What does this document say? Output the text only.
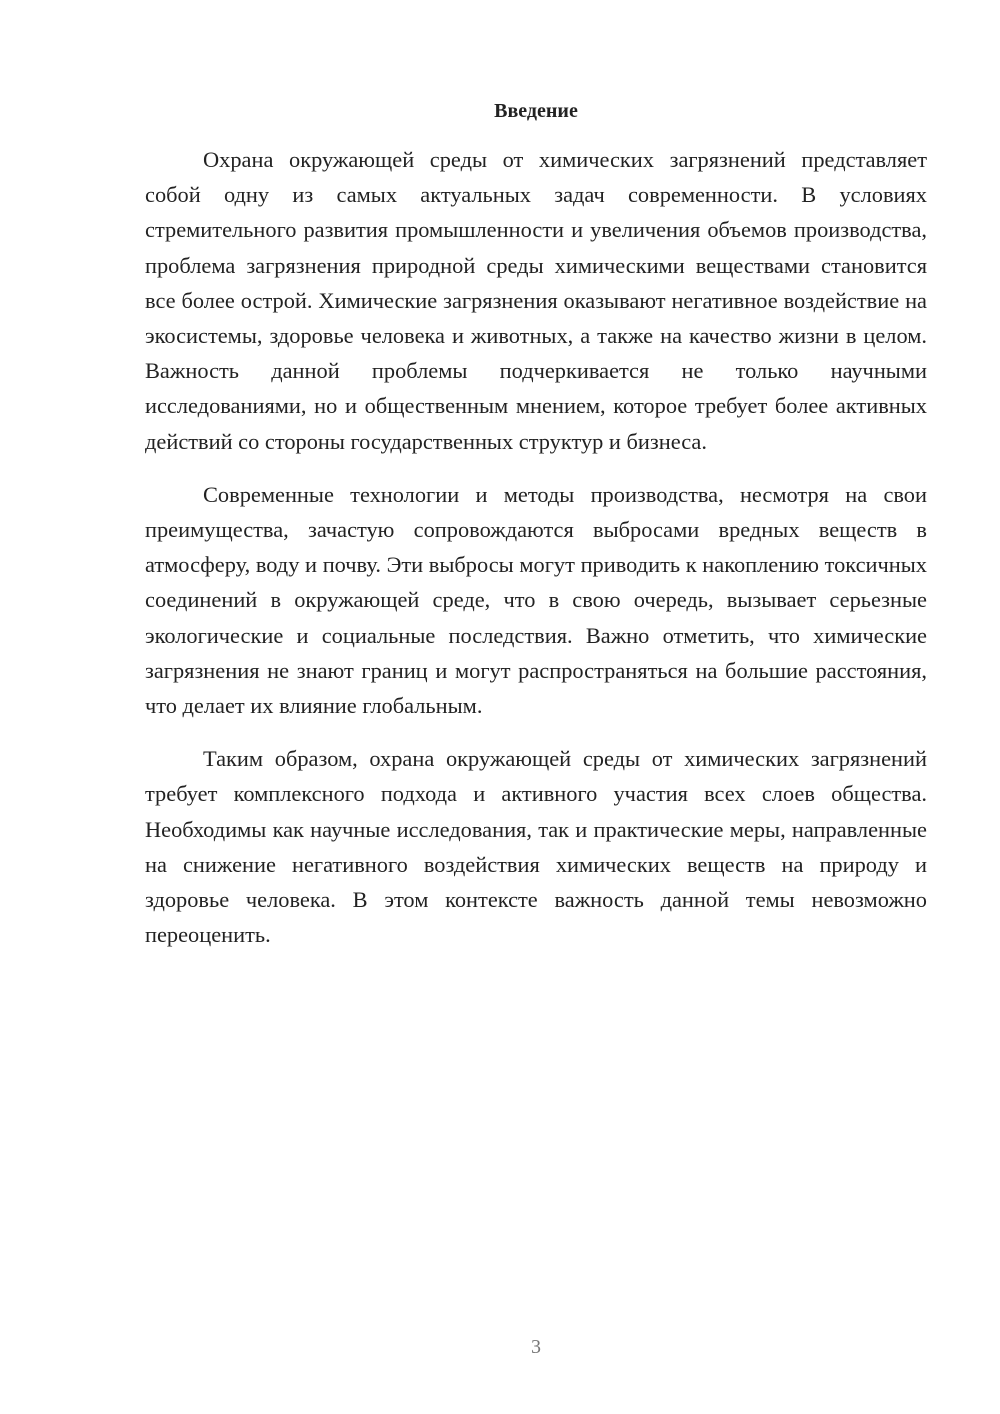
Введение

Охрана окружающей среды от химических загрязнений представляет собой одну из самых актуальных задач современности. В условиях стремительного развития промышленности и увеличения объемов производства, проблема загрязнения природной среды химическими веществами становится все более острой. Химические загрязнения оказывают негативное воздействие на экосистемы, здоровье человека и животных, а также на качество жизни в целом. Важность данной проблемы подчеркивается не только научными исследованиями, но и общественным мнением, которое требует более активных действий со стороны государственных структур и бизнеса.

Современные технологии и методы производства, несмотря на свои преимущества, зачастую сопровождаются выбросами вредных веществ в атмосферу, воду и почву. Эти выбросы могут приводить к накоплению токсичных соединений в окружающей среде, что в свою очередь, вызывает серьезные экологические и социальные последствия. Важно отметить, что химические загрязнения не знают границ и могут распространяться на большие расстояния, что делает их влияние глобальным.

Таким образом, охрана окружающей среды от химических загрязнений требует комплексного подхода и активного участия всех слоев общества. Необходимы как научные исследования, так и практические меры, направленные на снижение негативного воздействия химических веществ на природу и здоровье человека. В этом контексте важность данной темы невозможно переоценить.

3
